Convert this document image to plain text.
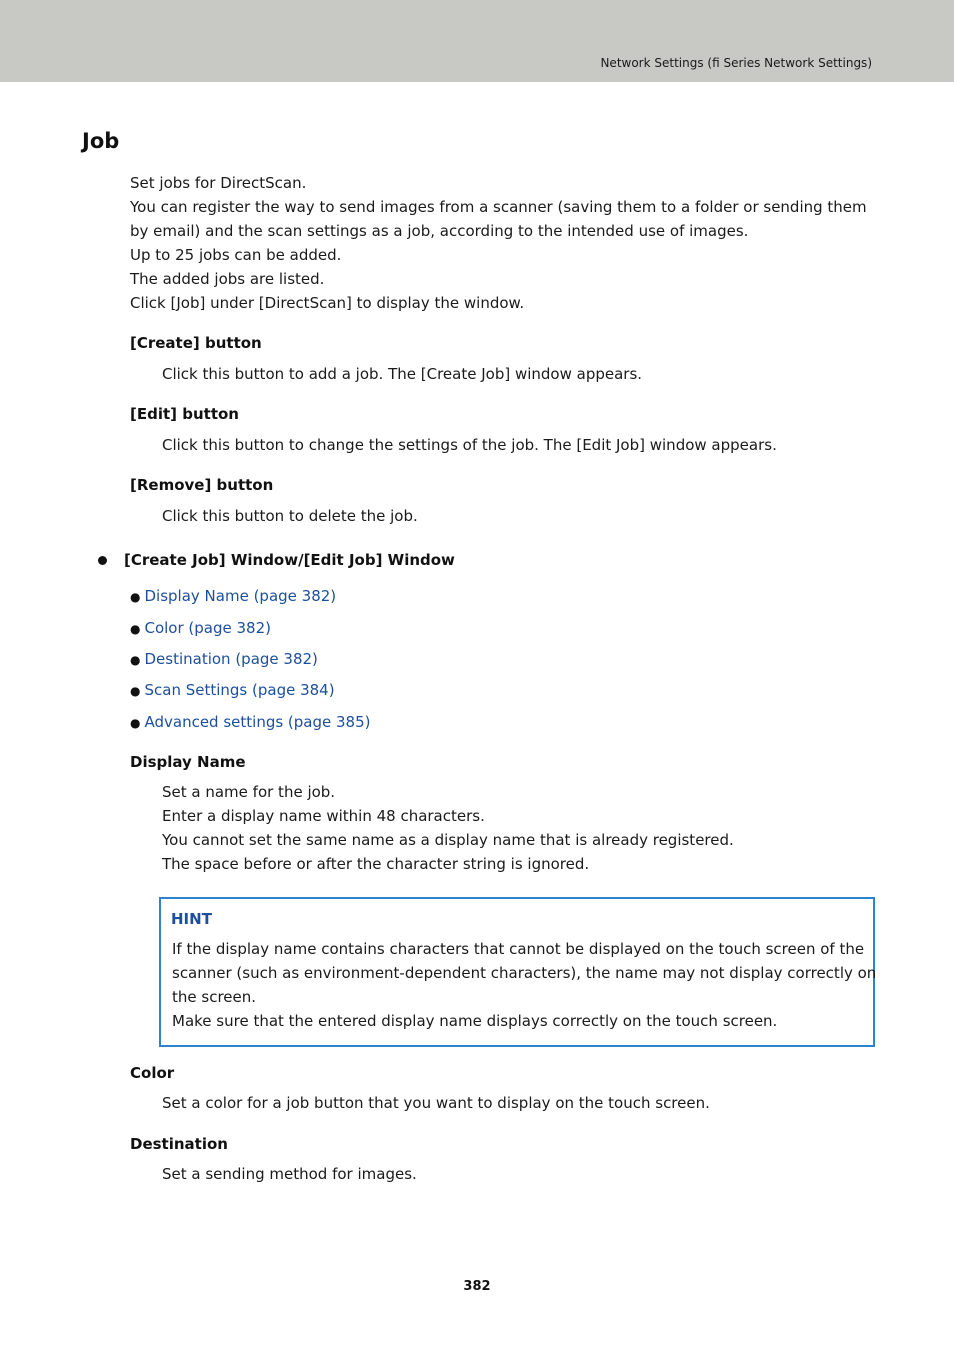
Network Settings (fi Series Network Settings)
Job
Set jobs for DirectScan.
You can register the way to send images from a scanner (saving them to a folder or sending them
by email) and the scan settings as a job, according to the intended use of images.
Up to 25 jobs can be added.
The added jobs are listed.
Click [Job] under [DirectScan] to display the window.
[Create] button
Click this button to add a job. The [Create Job] window appears.
[Edit] button
Click this button to change the settings of the job. The [Edit Job] window appears.
[Remove] button
Click this button to delete the job.
[Create Job] Window/[Edit Job] Window
● Display Name (page 382)
● Color (page 382)
● Destination (page 382)
● Scan Settings (page 384)
● Advanced settings (page 385)
Display Name
Set a name for the job.
Enter a display name within 48 characters.
You cannot set the same name as a display name that is already registered.
The space before or after the character string is ignored.
HINT
If the display name contains characters that cannot be displayed on the touch screen of the
scanner (such as environment-dependent characters), the name may not display correctly on
the screen.
Make sure that the entered display name displays correctly on the touch screen.
Color
Set a color for a job button that you want to display on the touch screen.
Destination
Set a sending method for images.
382
